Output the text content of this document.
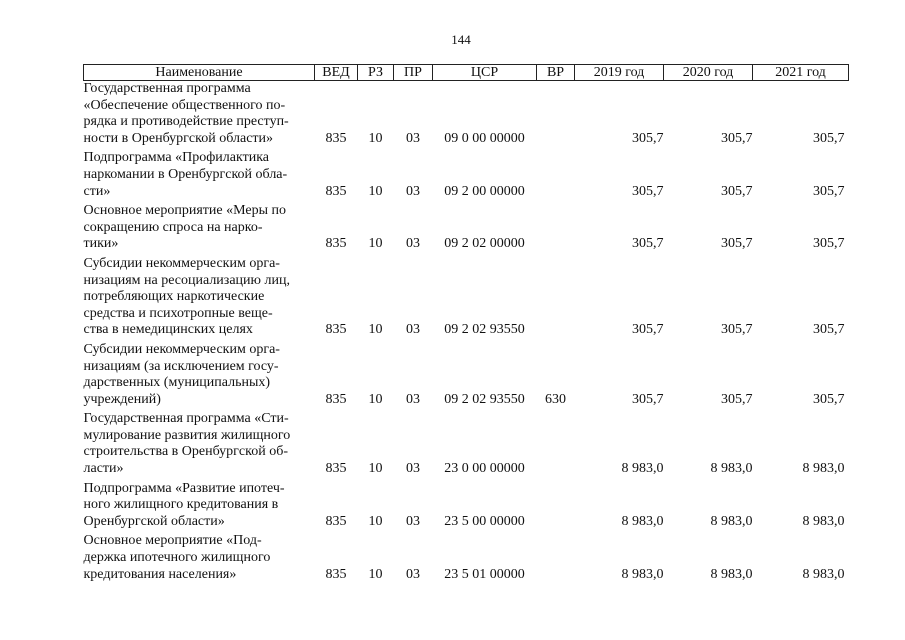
144
Наименование	ВЕД	РЗ	ПР	ЦСР	ВР	2019 год	2020 год	2021 год

Государственная программа
«Обеспечение общественного по-
рядка и противодействие преступ-
ности в Оренбургской области»	835	10	03	09 0 00 00000		305,7	305,7	305,7

Подпрограмма «Профилактика
наркомании в Оренбургской обла-
сти»	835	10	03	09 2 00 00000		305,7	305,7	305,7

Основное мероприятие «Меры по
сокращению спроса на нарко-
тики»	835	10	03	09 2 02 00000		305,7	305,7	305,7

Субсидии некоммерческим орга-
низациям на ресоциализацию лиц,
потребляющих наркотические
средства и психотропные веще-
ства в немедицинских целях	835	10	03	09 2 02 93550		305,7	305,7	305,7

Субсидии некоммерческим орга-
низациям (за исключением госу-
дарственных (муниципальных)
учреждений)	835	10	03	09 2 02 93550	630	305,7	305,7	305,7

Государственная программа «Сти-
мулирование развития жилищного
строительства в Оренбургской об-
ласти»	835	10	03	23 0 00 00000		8 983,0	8 983,0	8 983,0

Подпрограмма «Развитие ипотеч-
ного жилищного кредитования в
Оренбургской области»	835	10	03	23 5 00 00000		8 983,0	8 983,0	8 983,0

Основное мероприятие «Под-
держка ипотечного жилищного
кредитования населения»	835	10	03	23 5 01 00000		8 983,0	8 983,0	8 983,0
